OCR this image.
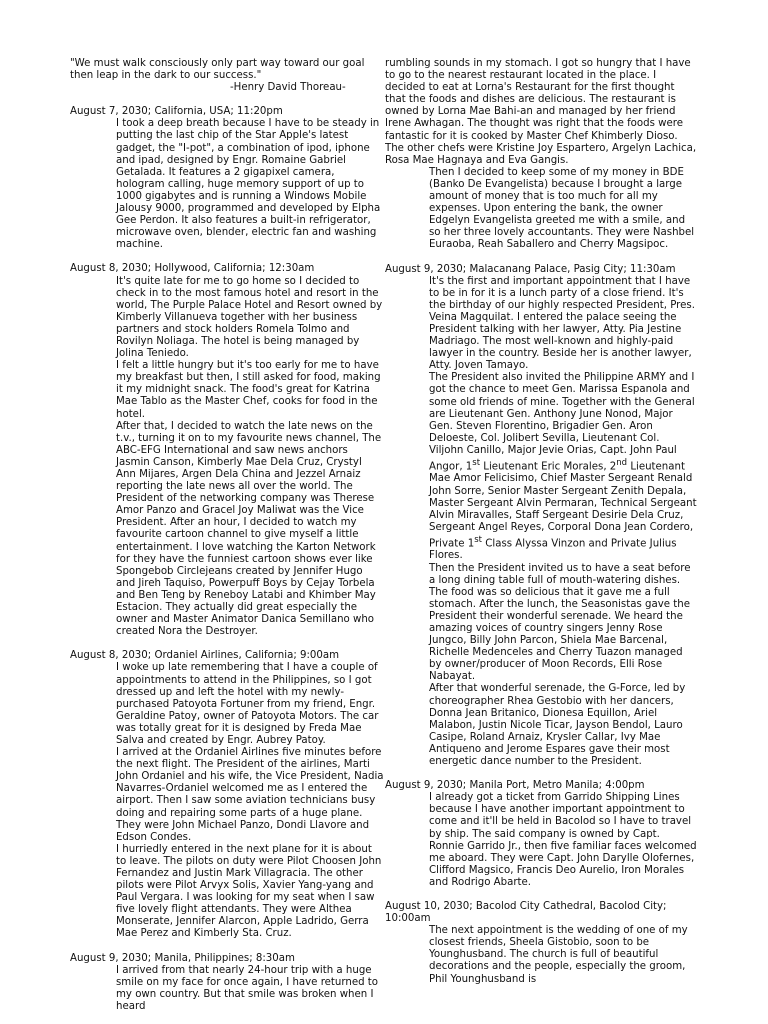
"We must walk consciously only part way toward our goal then leap in the dark to our success."

-Henry David Thoreau-

August 7, 2030; California, USA; 11:20pm

I took a deep breath because I have to be steady in putting the last chip of the Star Apple's latest gadget, the "I-pot", a combination of ipod, iphone and ipad, designed by Engr. Romaine Gabriel Getalada. It features a 2 gigapixel camera, hologram calling, huge memory support of up to 1000 gigabytes and is running a Windows Mobile Jalousy 9000, programmed and developed by Elpha Gee Perdon. It also features a built-in refrigerator, microwave oven, blender, electric fan and washing machine.

August 8, 2030; Hollywood, California; 12:30am

It's quite late for me to go home so I decided to check in to the most famous hotel and resort in the world, The Purple Palace Hotel and Resort owned by Kimberly Villanueva together with her business partners and stock holders Romela Tolmo and Rovilyn Noliaga. The hotel is being managed by Jolina Teniedo.

I felt a little hungry but it's too early for me to have my breakfast but then, I still asked for food, making it my midnight snack. The food's great for Katrina Mae Tablo as the Master Chef, cooks for food in the hotel.

After that, I decided to watch the late news on the t.v., turning it on to my favourite news channel, The ABC-EFG International and saw news anchors Jasmin Canson, Kimberly Mae Dela Cruz, Crystyl Ann Mijares, Argen Dela China and Jezzel Arnaiz reporting the late news all over the world. The President of the networking company was Therese Amor Panzo and Gracel Joy Maliwat was the Vice President. After an hour, I decided to watch my favourite cartoon channel to give myself a little entertainment. I love watching the Karton Network for they have the funniest cartoon shows ever like Spongebob Circlejeans created by Jennifer Hugo and Jireh Taquiso, Powerpuff Boys by Cejay Torbela and Ben Teng by Reneboy Latabi and Khimber May Estacion. They actually did great especially the owner and Master Animator Danica Semillano who created Nora the Destroyer.

August 8, 2030; Ordaniel Airlines, California; 9:00am

I woke up late remembering that I have a couple of appointments to attend in the Philippines, so I got dressed up and left the hotel with my newly-purchased Patoyota Fortuner from my friend, Engr. Geraldine Patoy, owner of Patoyota Motors. The car was totally great for it is designed by Freda Mae Salva and created by Engr. Aubrey Patoy.

I arrived at the Ordaniel Airlines five minutes before the next flight. The President of the airlines, Marti John Ordaniel and his wife, the Vice President, Nadia Navarres-Ordaniel welcomed me as I entered the airport. Then I saw some aviation technicians busy doing and repairing some parts of a huge plane. They were John Michael Panzo, Dondi Llavore and Edson Condes.

I hurriedly entered in the next plane for it is about to leave. The pilots on duty were Pilot Choosen John Fernandez and Justin Mark Villagracia. The other pilots were Pilot Arvyx Solis, Xavier Yang-yang and Paul Vergara. I was looking for my seat when I saw five lovely flight attendants. They were Althea Monserate, Jennifer Alarcon, Apple Ladrido, Gerra Mae Perez and Kimberly Sta. Cruz.

August 9, 2030; Manila, Philippines; 8:30am

I arrived from that nearly 24-hour trip with a huge smile on my face for once again, I have returned to my own country. But that smile was broken when I heard

rumbling sounds in my stomach. I got so hungry that I have to go to the nearest restaurant located in the place. I decided to eat at Lorna's Restaurant for the first thought that the foods and dishes are delicious. The restaurant is owned by Lorna Mae Bahi-an and managed by her friend Irene Awhagan. The thought was right that the foods were fantastic for it is cooked by Master Chef Khimberly Dioso. The other chefs were Kristine Joy Espartero, Argelyn Lachica, Rosa Mae Hagnaya and Eva Gangis.

Then I decided to keep some of my money in BDE (Banko De Evangelista) because I brought a large amount of money that is too much for all my expenses. Upon entering the bank, the owner Edgelyn Evangelista greeted me with a smile, and so her three lovely accountants. They were Nashbel Euraoba, Reah Saballero and Cherry Magsipoc.

August 9, 2030; Malacanang Palace, Pasig City; 11:30am

It's the first and important appointment that I have to be in for it is a lunch party of a close friend. It's the birthday of our highly respected President, Pres. Veina Magquilat. I entered the palace seeing the President talking with her lawyer, Atty. Pia Jestine Madriago. The most well-known and highly-paid lawyer in the country. Beside her is another lawyer, Atty. Joven Tamayo.

The President also invited the Philippine ARMY and I got the chance to meet Gen. Marissa Espanola and some old friends of mine. Together with the General are Lieutenant Gen. Anthony June Nonod, Major Gen. Steven Florentino, Brigadier Gen. Aron Deloeste, Col. Jolibert Sevilla, Lieutenant Col. Viljohn Canillo, Major Jevie Orias, Capt. John Paul Angor, 1st Lieutenant Eric Morales, 2nd Lieutenant Mae Amor Felicisimo, Chief Master Sergeant Renald John Sorre, Senior Master Sergeant Zenith Depala, Master Sergeant Alvin Permaran, Technical Sergeant Alvin Miravalles, Staff Sergeant Desirie Dela Cruz, Sergeant Angel Reyes, Corporal Dona Jean Cordero, Private 1st Class Alyssa Vinzon and Private Julius Flores.

Then the President invited us to have a seat before a long dining table full of mouth-watering dishes. The food was so delicious that it gave me a full stomach. After the lunch, the Seasonistas gave the President their wonderful serenade. We heard the amazing voices of country singers Jenny Rose Jungco, Billy John Parcon, Shiela Mae Barcenal, Richelle Medenceles and Cherry Tuazon managed by owner/producer of Moon Records, Elli Rose Nabayat.

After that wonderful serenade, the G-Force, led by choreographer Rhea Gestobio with her dancers, Donna Jean Britanico, Dionesa Equillon, Ariel Malabon, Justin Nicole Ticar, Jayson Bendol, Lauro Casipe, Roland Arnaiz, Krysler Callar, Ivy Mae Antiqueno and Jerome Espares gave their most energetic dance number to the President.

August 9, 2030; Manila Port, Metro Manila; 4:00pm

I already got a ticket from Garrido Shipping Lines because I have another important appointment to come and it'll be held in Bacolod so I have to travel by ship. The said company is owned by Capt. Ronnie Garrido Jr., then five familiar faces welcomed me aboard. They were Capt. John Darylle Olofernes, Clifford Magsico, Francis Deo Aurelio, Iron Morales and Rodrigo Abarte.

August 10, 2030; Bacolod City Cathedral, Bacolod City; 10:00am

The next appointment is the wedding of one of my closest friends, Sheela Gistobio, soon to be Younghusband. The church is full of beautiful decorations and the people, especially the groom, Phil Younghusband is
